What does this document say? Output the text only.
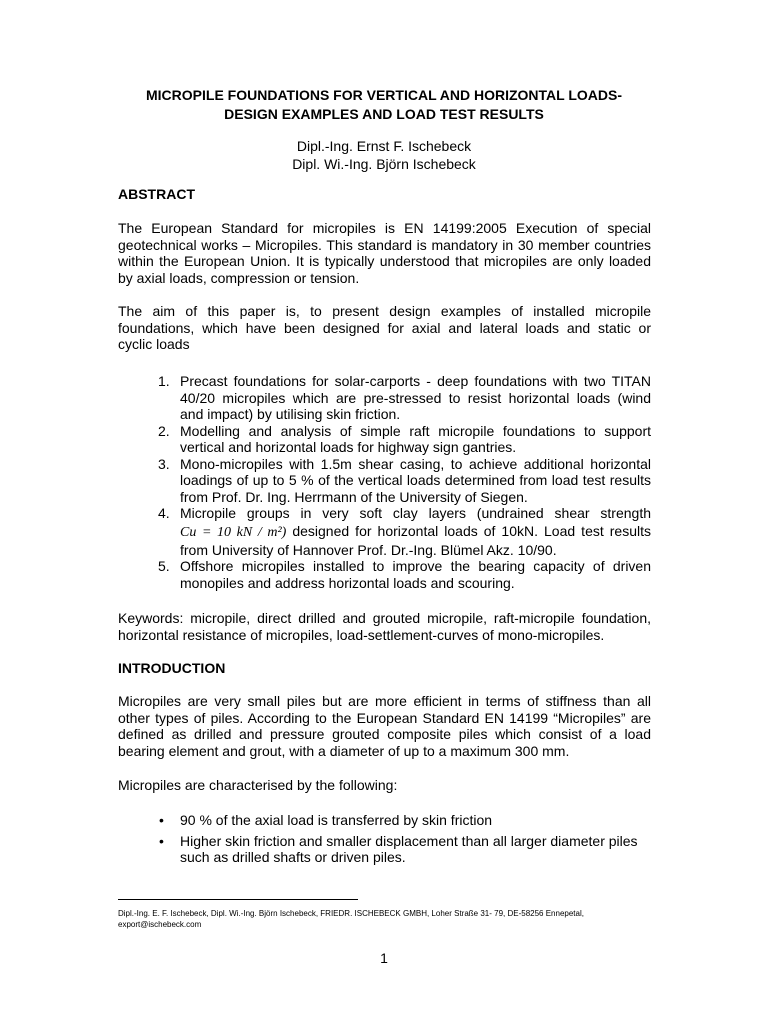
MICROPILE FOUNDATIONS FOR VERTICAL AND HORIZONTAL LOADS-
DESIGN EXAMPLES AND LOAD TEST RESULTS
Dipl.-Ing. Ernst F. Ischebeck
Dipl. Wi.-Ing. Björn Ischebeck
ABSTRACT
The European Standard for micropiles is EN 14199:2005 Execution of special
geotechnical works – Micropiles. This standard is mandatory in 30 member countries
within the European Union. It is typically understood that micropiles are only loaded
by axial loads, compression or tension.
The aim of this paper is, to present design examples of installed micropile
foundations, which have been designed for axial and lateral loads and static or
cyclic loads
1. Precast foundations for solar-carports - deep foundations with two TITAN
40/20 micropiles which are pre-stressed to resist horizontal loads (wind
and impact) by utilising skin friction.
2. Modelling and analysis of simple raft micropile foundations to support
vertical and horizontal loads for highway sign gantries.
3. Mono-micropiles with 1.5m shear casing, to achieve additional horizontal
loadings of up to 5 % of the vertical loads determined from load test results
from Prof. Dr. Ing. Herrmann of the University of Siegen.
4. Micropile groups in very soft clay layers (undrained shear strength
Cu = 10 kN / m²) designed for horizontal loads of 10kN. Load test results
from University of Hannover Prof. Dr.-Ing. Blümel Akz. 10/90.
5. Offshore micropiles installed to improve the bearing capacity of driven
monopiles and address horizontal loads and scouring.
Keywords: micropile, direct drilled and grouted micropile, raft-micropile foundation,
horizontal resistance of micropiles, load-settlement-curves of mono-micropiles.
INTRODUCTION
Micropiles are very small piles but are more efficient in terms of stiffness than all
other types of piles. According to the European Standard EN 14199 “Micropiles” are
defined as drilled and pressure grouted composite piles which consist of a load
bearing element and grout, with a diameter of up to a maximum 300 mm.
Micropiles are characterised by the following:
• 90 % of the axial load is transferred by skin friction
• Higher skin friction and smaller displacement than all larger diameter piles
such as drilled shafts or driven piles.
Dipl.-Ing. E. F. Ischebeck, Dipl. Wi.-Ing. Björn Ischebeck, FRIEDR. ISCHEBECK GMBH, Loher Straße 31- 79, DE-58256 Ennepetal,
export@ischebeck.com
1
